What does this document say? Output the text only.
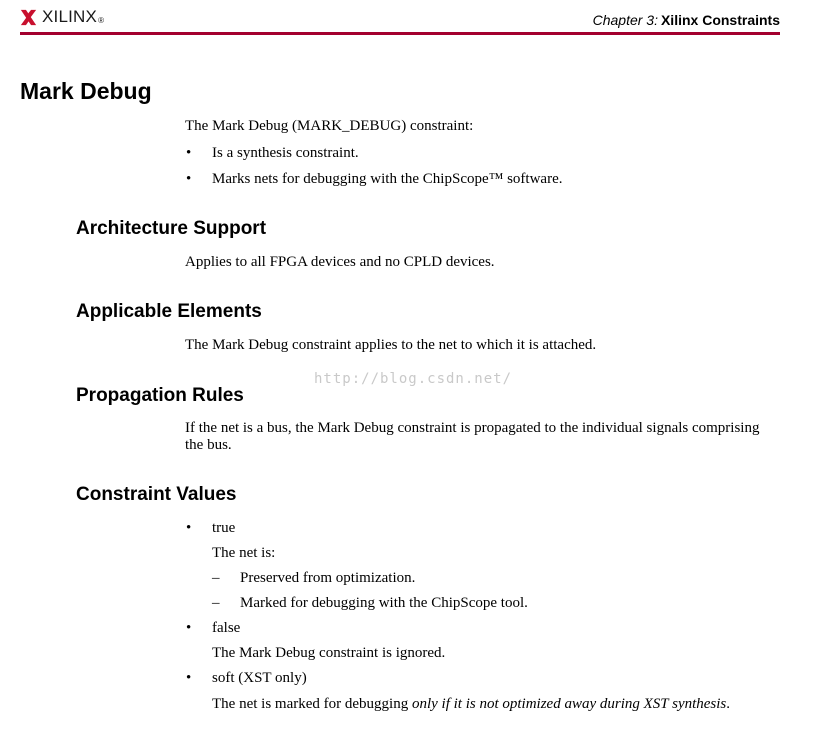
XILINX ®	Chapter 3: Xilinx Constraints
Mark Debug
The Mark Debug (MARK_DEBUG) constraint:
• Is a synthesis constraint.
• Marks nets for debugging with the ChipScope™ software.
Architecture Support
Applies to all FPGA devices and no CPLD devices.
Applicable Elements
The Mark Debug constraint applies to the net to which it is attached.
http://blog.csdn.net/
Propagation Rules
If the net is a bus, the Mark Debug constraint is propagated to the individual signals comprising the bus.
Constraint Values
• true
The net is:
– Preserved from optimization.
– Marked for debugging with the ChipScope tool.
• false
The Mark Debug constraint is ignored.
• soft (XST only)
The net is marked for debugging only if it is not optimized away during XST synthesis.
